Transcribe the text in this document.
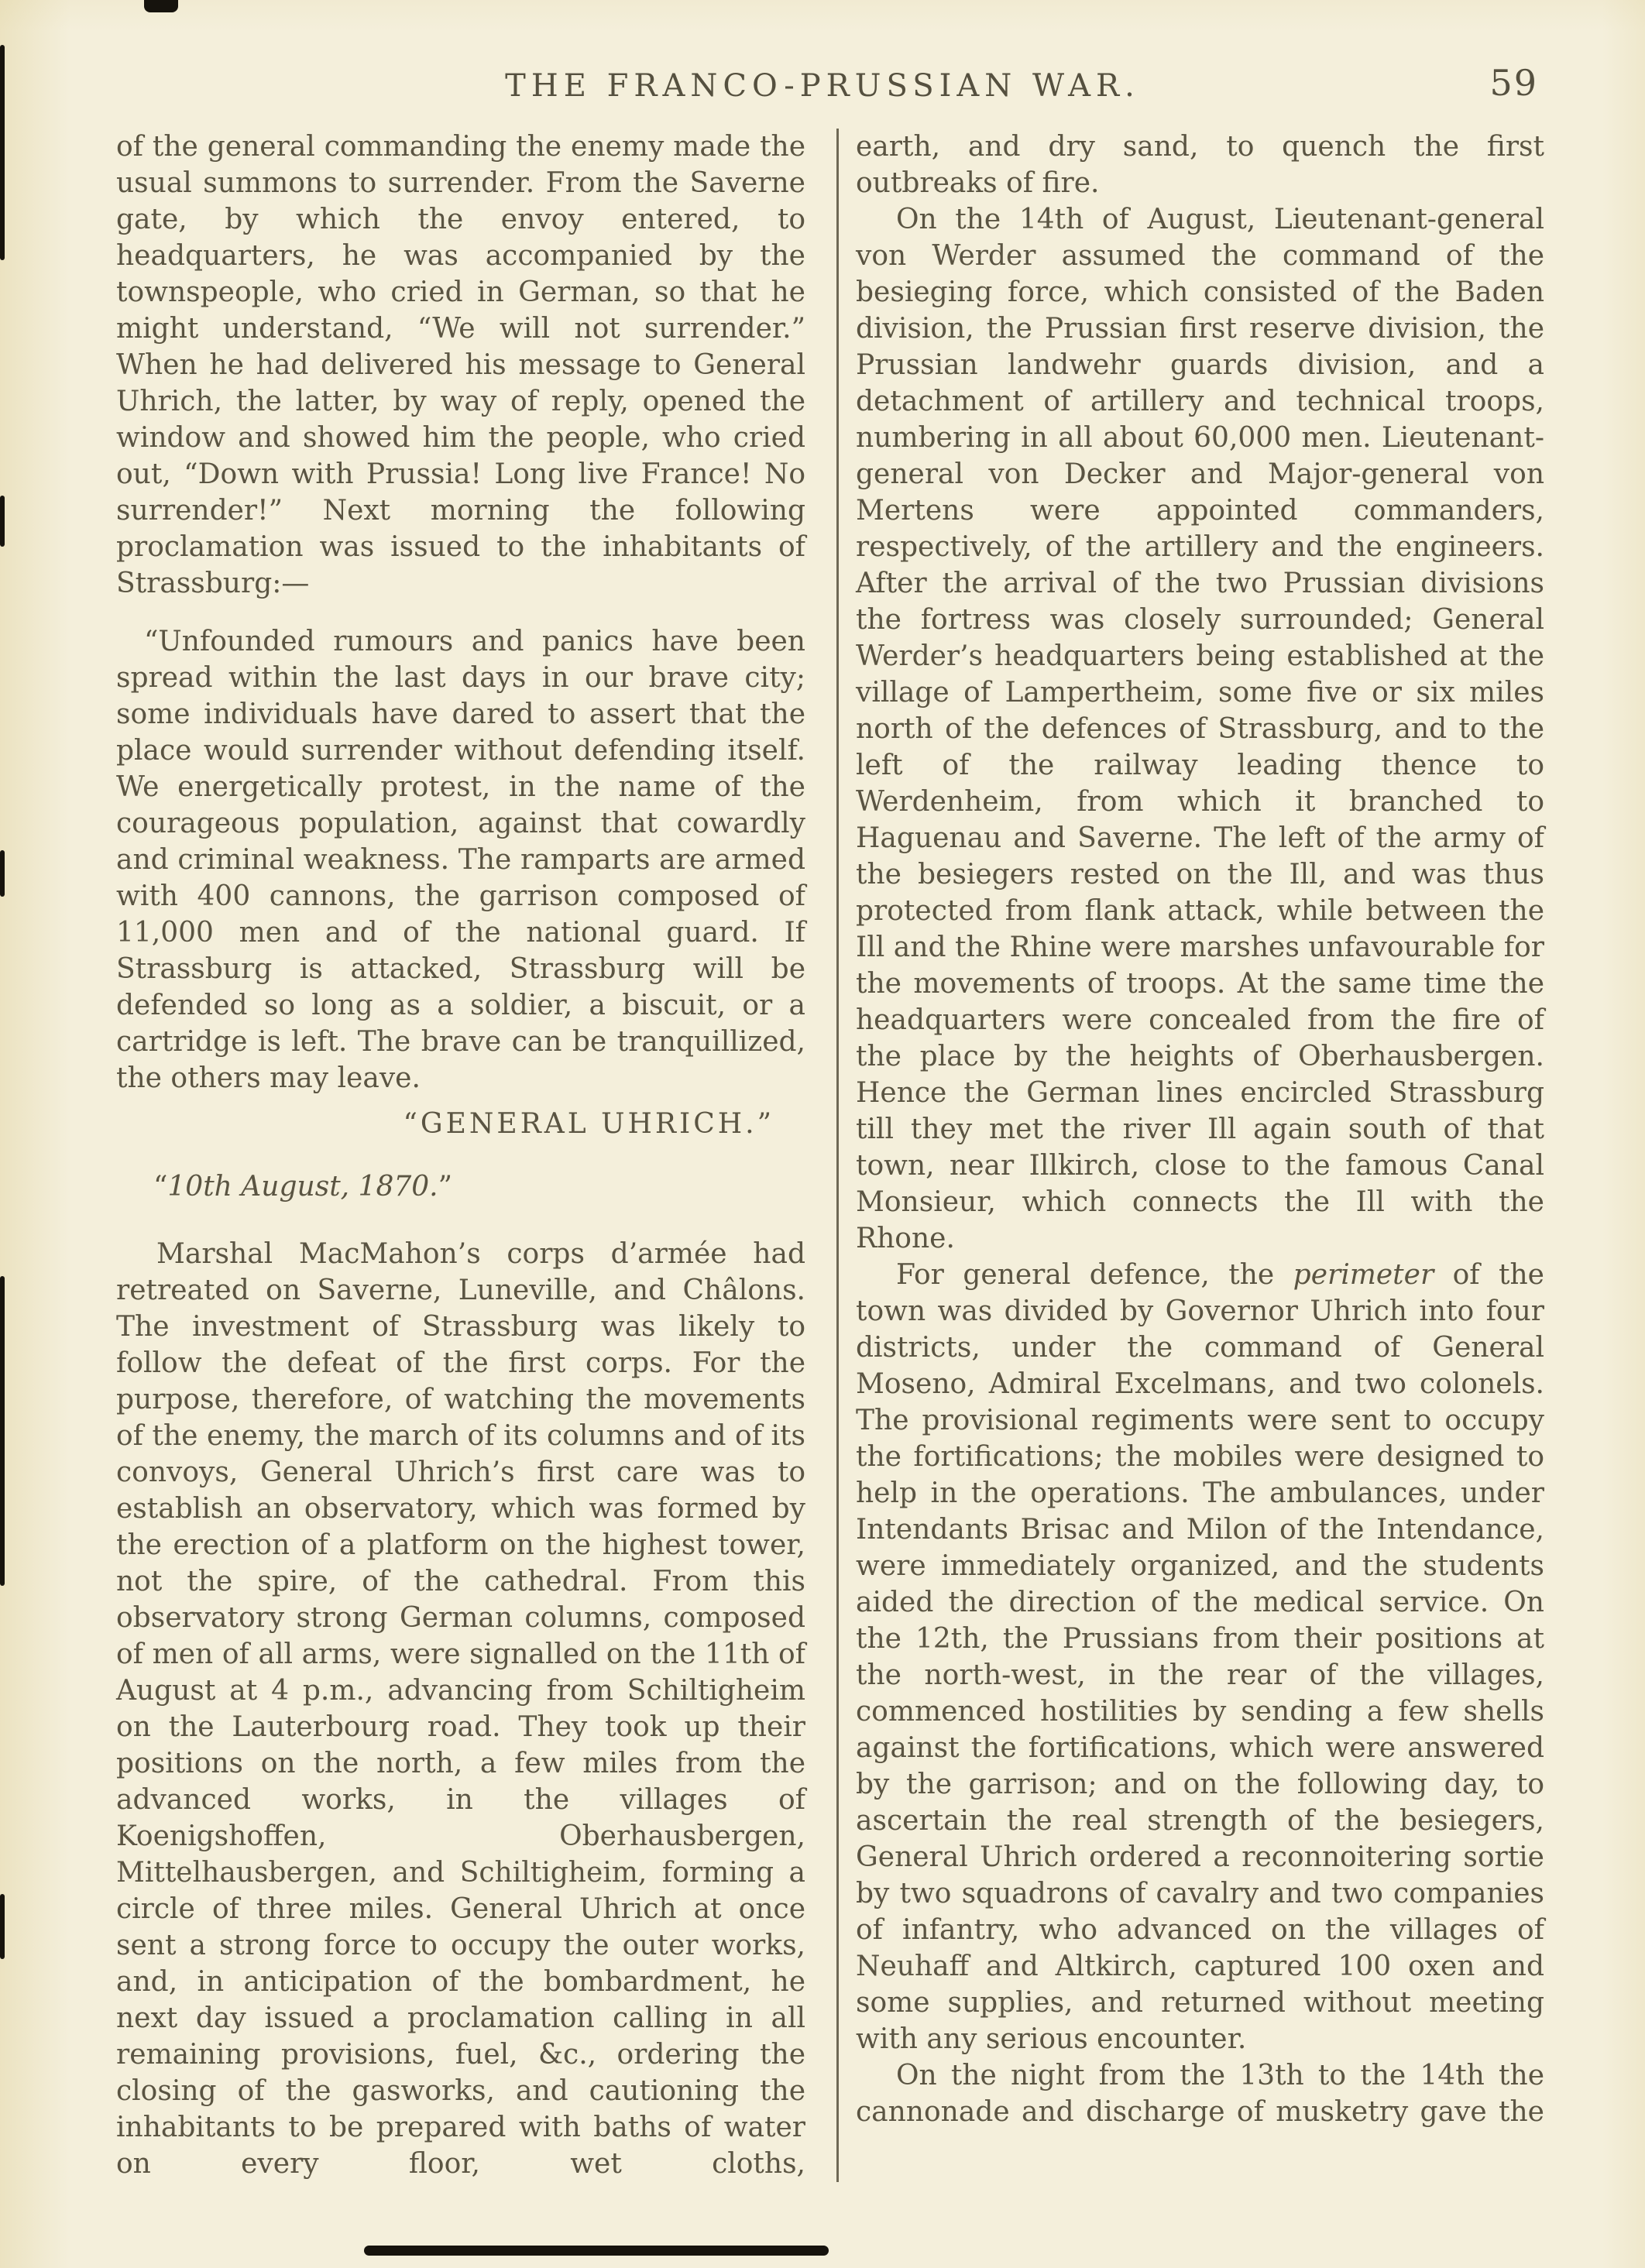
THE FRANCO-PRUSSIAN WAR.	59

of the general commanding the enemy made the usual summons to surrender. From the Saverne gate, by which the envoy entered, to headquarters, he was accompanied by the townspeople, who cried in German, so that he might understand, “We will not surrender.” When he had delivered his message to General Uhrich, the latter, by way of reply, opened the window and showed him the people, who cried out, “Down with Prussia! Long live France! No surrender!” Next morning the following proclamation was issued to the inhabitants of Strassburg:—

“Unfounded rumours and panics have been spread within the last days in our brave city; some individuals have dared to assert that the place would surrender without defending itself. We energetically protest, in the name of the courageous population, against that cowardly and criminal weakness. The ramparts are armed with 400 cannons, the garrison composed of 11,000 men and of the national guard. If Strassburg is attacked, Strassburg will be defended so long as a soldier, a biscuit, or a cartridge is left. The brave can be tranquillized, the others may leave.

“GENERAL UHRICH.”

“10th August, 1870.”

Marshal MacMahon’s corps d’armée had retreated on Saverne, Luneville, and Châlons. The investment of Strassburg was likely to follow the defeat of the first corps. For the purpose, therefore, of watching the movements of the enemy, the march of its columns and of its convoys, General Uhrich’s first care was to establish an observatory, which was formed by the erection of a platform on the highest tower, not the spire, of the cathedral. From this observatory strong German columns, composed of men of all arms, were signalled on the 11th of August at 4 p.m., advancing from Schiltigheim on the Lauterbourg road. They took up their positions on the north, a few miles from the advanced works, in the villages of Koenigshoffen, Oberhausbergen, Mittelhausbergen, and Schiltigheim, forming a circle of three miles. General Uhrich at once sent a strong force to occupy the outer works, and, in anticipation of the bombardment, he next day issued a proclamation calling in all remaining provisions, fuel, &c., ordering the closing of the gasworks, and cautioning the inhabitants to be prepared with baths of water on every floor, wet cloths,

earth, and dry sand, to quench the first outbreaks of fire.

On the 14th of August, Lieutenant-general von Werder assumed the command of the besieging force, which consisted of the Baden division, the Prussian first reserve division, the Prussian landwehr guards division, and a detachment of artillery and technical troops, numbering in all about 60,000 men. Lieutenant-general von Decker and Major-general von Mertens were appointed commanders, respectively, of the artillery and the engineers. After the arrival of the two Prussian divisions the fortress was closely surrounded; General Werder’s headquarters being established at the village of Lampertheim, some five or six miles north of the defences of Strassburg, and to the left of the railway leading thence to Werdenheim, from which it branched to Haguenau and Saverne. The left of the army of the besiegers rested on the Ill, and was thus protected from flank attack, while between the Ill and the Rhine were marshes unfavourable for the movements of troops. At the same time the headquarters were concealed from the fire of the place by the heights of Oberhausbergen. Hence the German lines encircled Strassburg till they met the river Ill again south of that town, near Illkirch, close to the famous Canal Monsieur, which connects the Ill with the Rhone.

For general defence, the perimeter of the town was divided by Governor Uhrich into four districts, under the command of General Moseno, Admiral Excelmans, and two colonels. The provisional regiments were sent to occupy the fortifications; the mobiles were designed to help in the operations. The ambulances, under Intendants Brisac and Milon of the Intendance, were immediately organized, and the students aided the direction of the medical service. On the 12th, the Prussians from their positions at the north-west, in the rear of the villages, commenced hostilities by sending a few shells against the fortifications, which were answered by the garrison; and on the following day, to ascertain the real strength of the besiegers, General Uhrich ordered a reconnoitering sortie by two squadrons of cavalry and two companies of infantry, who advanced on the villages of Neuhaff and Altkirch, captured 100 oxen and some supplies, and returned without meeting with any serious encounter.

On the night from the 13th to the 14th the cannonade and discharge of musketry gave the
